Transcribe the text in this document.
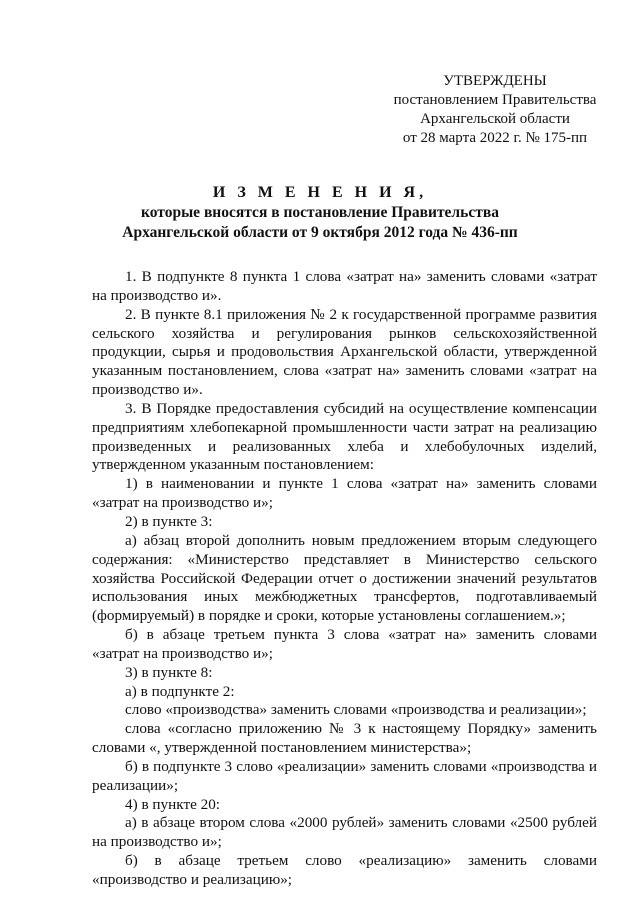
УТВЕРЖДЕНЫ
постановлением Правительства
Архангельской области
от 28 марта 2022 г. № 175-пп
И З М Е Н Е Н И Я,
которые вносятся в постановление Правительства
Архангельской области от 9 октября 2012 года № 436-пп

1. В подпункте 8 пункта 1 слова «затрат на» заменить словами «затрат на производство и».

2. В пункте 8.1 приложения № 2 к государственной программе развития сельского хозяйства и регулирования рынков сельскохозяйственной продукции, сырья и продовольствия Архангельской области, утвержденной указанным постановлением, слова «затрат на» заменить словами «затрат на производство и».

3. В Порядке предоставления субсидий на осуществление компенсации предприятиям хлебопекарной промышленности части затрат на реализацию произведенных и реализованных хлеба и хлебобулочных изделий, утвержденном указанным постановлением:

1) в наименовании и пункте 1 слова «затрат на» заменить словами «затрат на производство и»;

2) в пункте 3:

а) абзац второй дополнить новым предложением вторым следующего содержания: «Министерство представляет в Министерство сельского хозяйства Российской Федерации отчет о достижении значений результатов использования иных межбюджетных трансфертов, подготавливаемый (формируемый) в порядке и сроки, которые установлены соглашением.»;

б) в абзаце третьем пункта 3 слова «затрат на» заменить словами «затрат на производство и»;

3) в пункте 8:

а) в подпункте 2:

слово «производства» заменить словами «производства и реализации»;

слова «согласно приложению № 3 к настоящему Порядку» заменить словами «, утвержденной постановлением министерства»;

б) в подпункте 3 слово «реализации» заменить словами «производства и реализации»;

4) в пункте 20:

а) в абзаце втором слова «2000 рублей» заменить словами «2500 рублей на производство и»;

б) в абзаце третьем слово «реализацию» заменить словами «производство и реализацию»;
